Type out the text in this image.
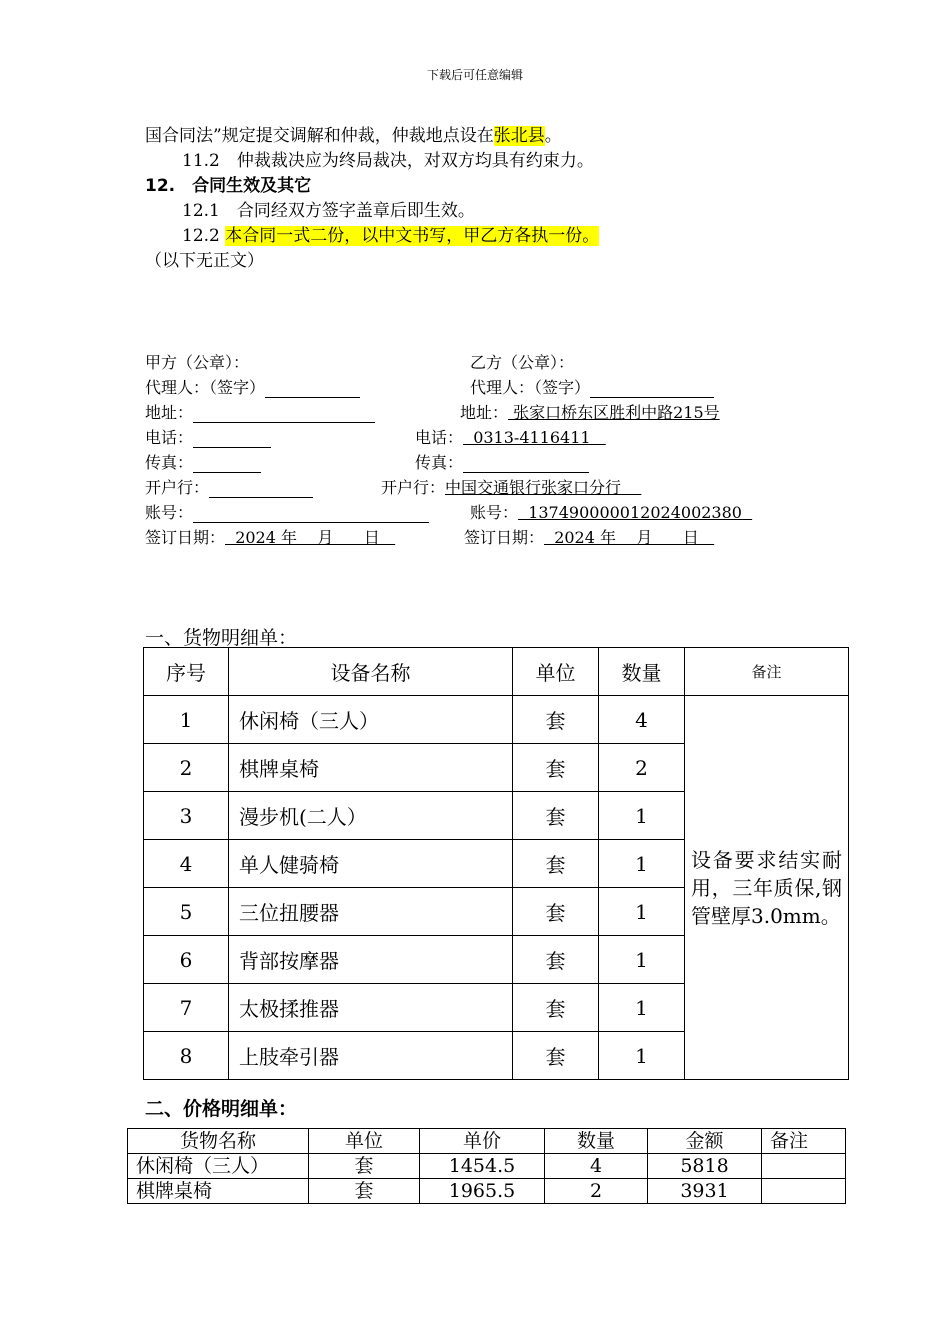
下载后可任意编辑
国合同法”规定提交调解和仲裁，仲裁地点设在张北县。
11.2　仲裁裁决应为终局裁决，对双方均具有约束力。
12.　合同生效及其它
12.1　合同经双方签字盖章后即生效。
12.2 本合同一式二份，以中文书写，甲乙方各执一份。
（以下无正文）
甲方（公章）：
代理人：（签字）
地址：
电话：
传真：
开户行：
账号：
签订日期：  2024 年    月      日
乙方（公章）：
代理人：（签字）
地址： 张家口桥东区胜利中路215号
电话：  0313-4116411
传真：
开户行：中国交通银行张家口分行
账号：  137490000012024002380
签订日期：  2024 年    月      日
一、货物明细单：
序号	设备名称	单位	数量	备注
1	休闲椅（三人）	套	4	设备要求结实耐用，三年质保,钢管壁厚3.0mm。
2	棋牌桌椅	套	2	
3	漫步机(二人）	套	1	
4	单人健骑椅	套	1	
5	三位扭腰器	套	1	
6	背部按摩器	套	1	
7	太极揉推器	套	1	
8	上肢牵引器	套	1	
二、价格明细单：
货物名称	单位	单价	数量	金额	备注
休闲椅（三人）	套	1454.5	4	5818	
棋牌桌椅	套	1965.5	2	3931	
